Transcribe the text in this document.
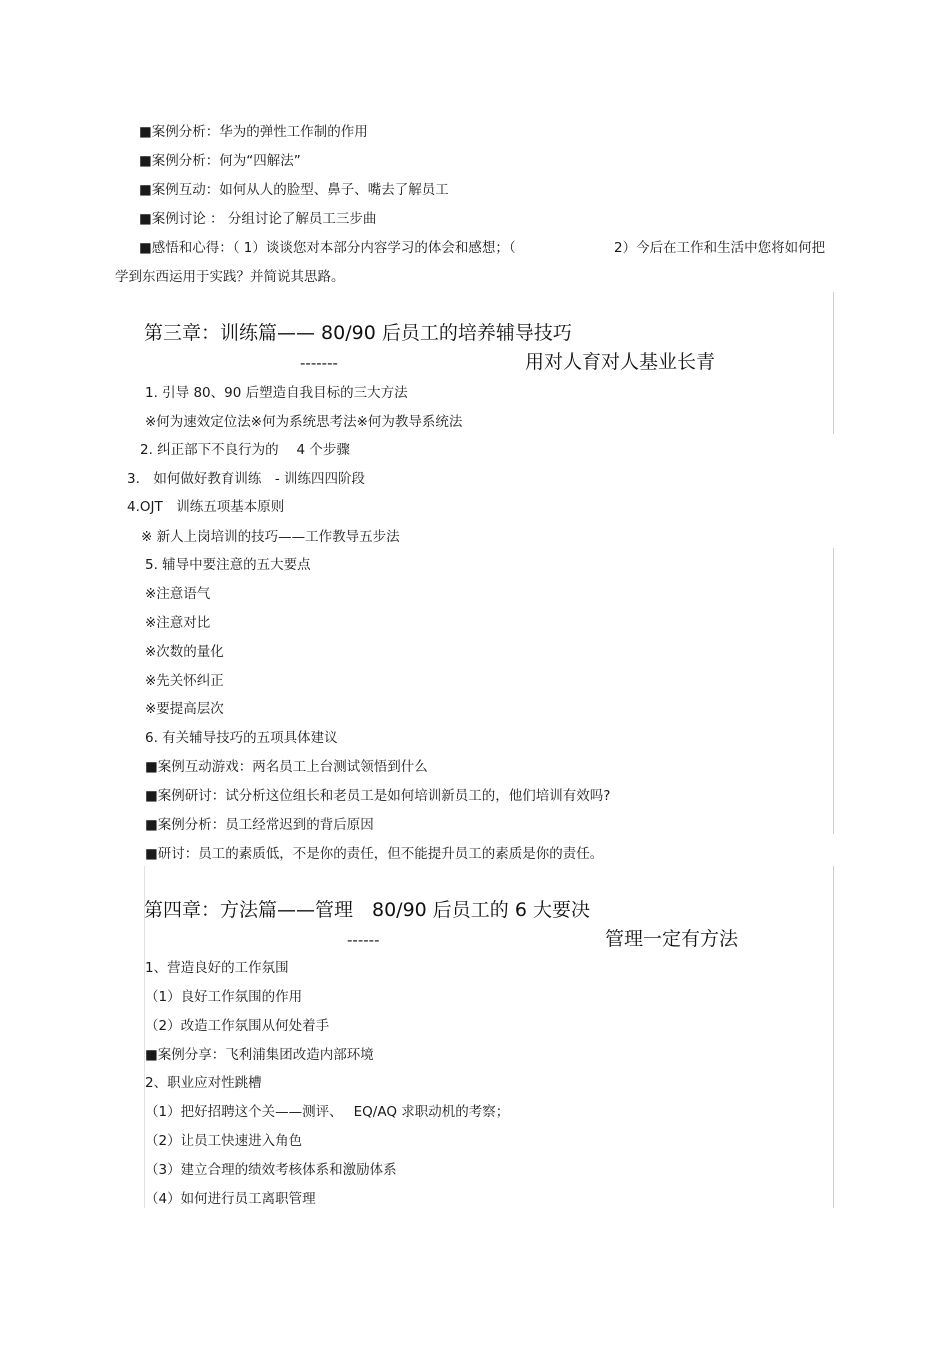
■案例分析：华为的弹性工作制的作用
■案例分析：何为“四解法”
■案例互动：如何从人的脸型、鼻子、嘴去了解员工
■案例讨论 ： 分组讨论了解员工三步曲
■感悟和心得：（ 1）谈谈您对本部分内容学习的体会和感想；（	2）今后在工作和生活中您将如何把
学到东西运用于实践？并简说其思路。
第三章：训练篇—— 80/90 后员工的培养辅导技巧
-------	用对人育对人基业长青
1. 引导 80、90 后塑造自我目标的三大方法
※何为速效定位法※何为系统思考法※何为教导系统法
2. 纠正部下不良行为的　 4 个步骤
3.　如何做好教育训练　- 训练四四阶段
4.OJT　训练五项基本原则
※ 新人上岗培训的技巧——工作教导五步法
5. 辅导中要注意的五大要点
※注意语气
※注意对比
※次数的量化
※先关怀纠正
※要提高层次
6. 有关辅导技巧的五项具体建议
■案例互动游戏：两名员工上台测试领悟到什么
■案例研讨：试分析这位组长和老员工是如何培训新员工的，他们培训有效吗?
■案例分析：员工经常迟到的背后原因
■研讨：员工的素质低，不是你的责任，但不能提升员工的素质是你的责任。
第四章：方法篇——管理　80/90 后员工的 6 大要决
------	管理一定有方法
1、营造良好的工作氛围
（1）良好工作氛围的作用
（2）改造工作氛围从何处着手
■案例分享：飞利浦集团改造内部环境
2、职业应对性跳槽
（1）把好招聘这个关——测评、　 EQ/AQ 求职动机的考察；
（2）让员工快速进入角色
（3）建立合理的绩效考核体系和激励体系
（4）如何进行员工离职管理
